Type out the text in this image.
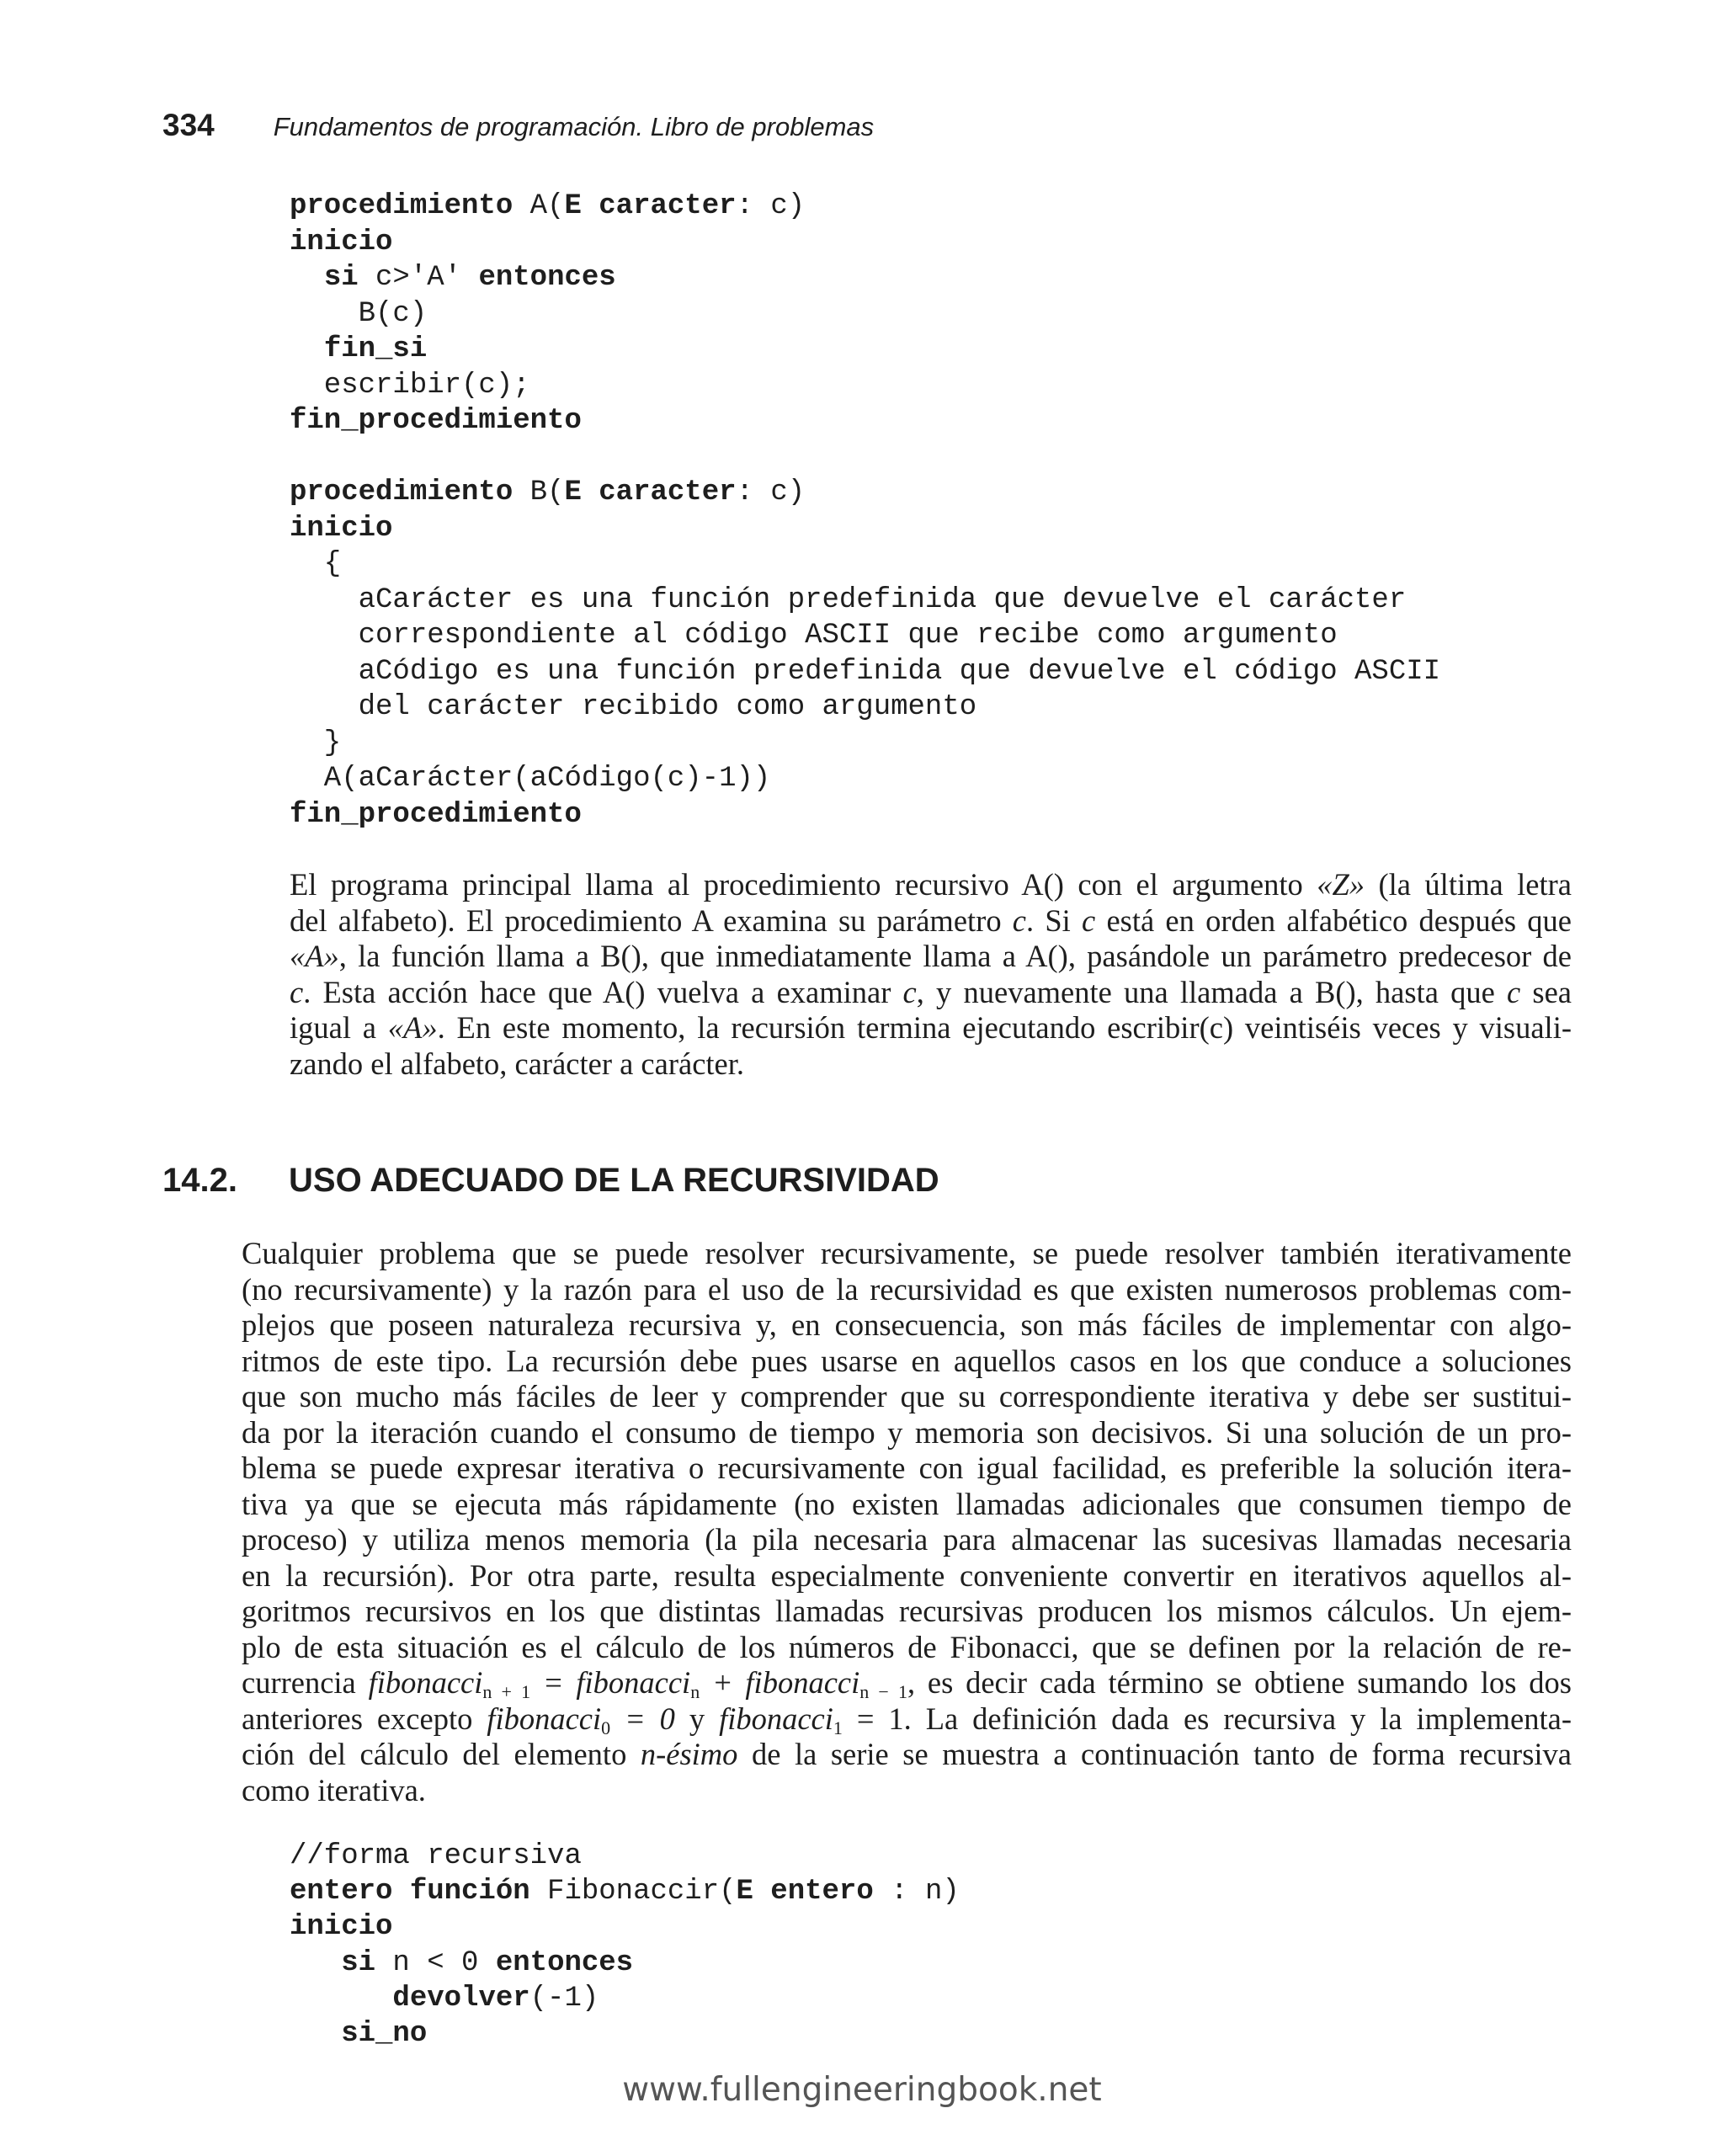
334 Fundamentos de programación. Libro de problemas
procedimiento A(E caracter: c)
inicio
si c>'A' entonces
B(c)
fin_si
escribir(c);
fin_procedimiento

procedimiento B(E caracter: c)
inicio
{
aCarácter es una función predefinida que devuelve el carácter
correspondiente al código ASCII que recibe como argumento
aCódigo es una función predefinida que devuelve el código ASCII
del carácter recibido como argumento
}
A(aCarácter(aCódigo(c)-1))
fin_procedimiento
El programa principal llama al procedimiento recursivo A() con el argumento «Z» (la última letra
del alfabeto). El procedimiento A examina su parámetro c. Si c está en orden alfabético después que
«A», la función llama a B(), que inmediatamente llama a A(), pasándole un parámetro predecesor de
c. Esta acción hace que A() vuelva a examinar c, y nuevamente una llamada a B(), hasta que c sea
igual a «A». En este momento, la recursión termina ejecutando escribir(c) veintiséis veces y visuali-
zando el alfabeto, carácter a carácter.
14.2.	USO ADECUADO DE LA RECURSIVIDAD
Cualquier problema que se puede resolver recursivamente, se puede resolver también iterativamente
(no recursivamente) y la razón para el uso de la recursividad es que existen numerosos problemas com-
plejos que poseen naturaleza recursiva y, en consecuencia, son más fáciles de implementar con algo-
ritmos de este tipo. La recursión debe pues usarse en aquellos casos en los que conduce a soluciones
que son mucho más fáciles de leer y comprender que su correspondiente iterativa y debe ser sustitui-
da por la iteración cuando el consumo de tiempo y memoria son decisivos. Si una solución de un pro-
blema se puede expresar iterativa o recursivamente con igual facilidad, es preferible la solución itera-
tiva ya que se ejecuta más rápidamente (no existen llamadas adicionales que consumen tiempo de
proceso) y utiliza menos memoria (la pila necesaria para almacenar las sucesivas llamadas necesaria
en la recursión). Por otra parte, resulta especialmente conveniente convertir en iterativos aquellos al-
goritmos recursivos en los que distintas llamadas recursivas producen los mismos cálculos. Un ejem-
plo de esta situación es el cálculo de los números de Fibonacci, que se definen por la relación de re-
currencia fibonacci$_{n + 1}$ = fibonacci$_n$ + fibonacci$_{n - 1}$, es decir cada término se obtiene sumando los dos
anteriores excepto fibonacci$_0$ = 0 y fibonacci$_1$ = 1. La definición dada es recursiva y la implementa-
ción del cálculo del elemento n-ésimo de la serie se muestra a continuación tanto de forma recursiva
como iterativa.
//forma recursiva
entero función Fibonaccir(E entero : n)
inicio
si n < 0 entonces
devolver(-1)
si_no
www.fullengineeringbook.net
